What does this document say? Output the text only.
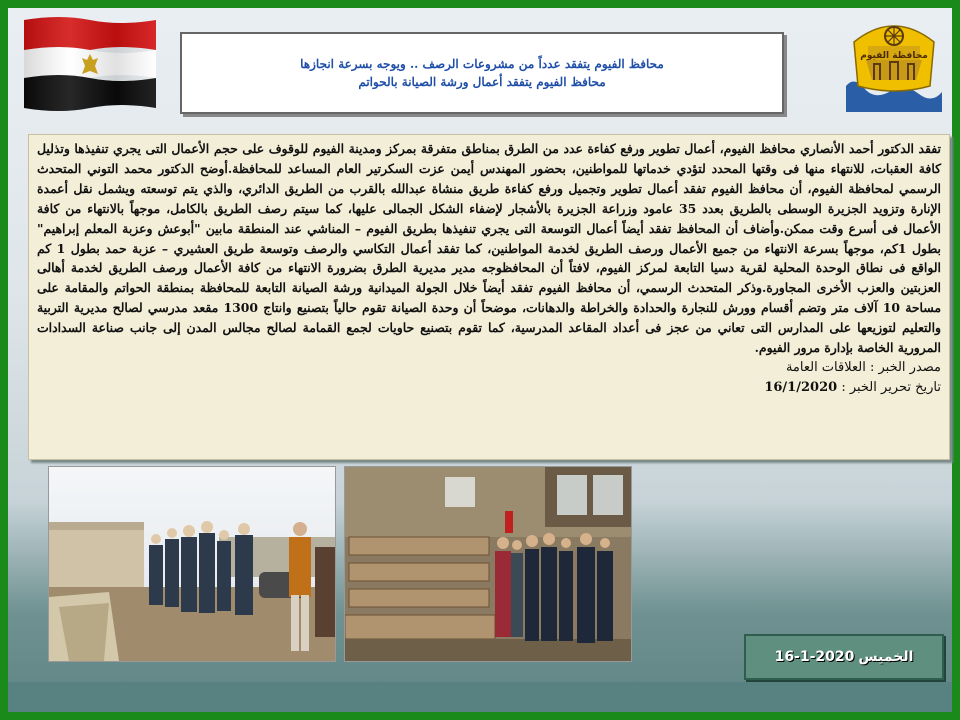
محافظ الفيوم يتفقد عدداً من مشروعات الرصف .. ويوجه بسرعة انجازها
محافظ الفيوم يتفقد أعمال ورشة الصيانة بالحواتم
محافظة الفيوم

تفقد الدكتور أحمد الأنصاري محافظ الفيوم، أعمال تطوير ورفع كفاءة عدد من الطرق بمناطق متفرقة بمركز ومدينة الفيوم للوقوف على حجم الأعمال التى يجري تنفيذها وتذليل كافة العقبات، للانتهاء منها فى وقتها المحدد لتؤدي خدماتها للمواطنين، بحضور المهندس أيمن عزت السكرتير العام المساعد للمحافظة.أوضح الدكتور محمد التوني المتحدث الرسمي لمحافظة الفيوم، أن محافظ الفيوم تفقد أعمال تطوير وتجميل ورفع كفاءة طريق منشاة عبدالله بالقرب من الطريق الدائري، والذي يتم توسعته ويشمل نقل أعمدة الإنارة وتزويد الجزيرة الوسطى بالطريق بعدد 35 عامود وزراعة الجزيرة بالأشجار لإضفاء الشكل الجمالى عليها، كما سيتم رصف الطريق بالكامل، موجهاً بالانتهاء من كافة الأعمال فى أسرع وقت ممكن.وأضاف أن المحافظ تفقد أيضاً أعمال التوسعة التى يجري تنفيذها بطريق الفيوم – المناشي عند المنطقة مابين "أبوعش وعزبة المعلم إبراهيم" بطول 1كم، موجهاً بسرعة الانتهاء من جميع الأعمال ورصف الطريق لخدمة المواطنين، كما تفقد أعمال التكاسي والرصف وتوسعة طريق العشيري – عزبة حمد بطول 1 كم الواقع فى نطاق الوحدة المحلية لقرية دسيا التابعة لمركز الفيوم، لافتاً أن المحافظوجه مدير مديرية الطرق بضرورة الانتهاء من كافة الأعمال ورصف الطريق لخدمة أهالى العزبتين والعزب الأخرى المجاورة.وذكر المتحدث الرسمي، أن محافظ الفيوم تفقد أيضاً خلال الجولة الميدانية ورشة الصيانة التابعة للمحافظة بمنطقة الحواتم والمقامة على مساحة 10 آلاف متر وتضم أقسام وورش للنجارة والحدادة والخراطة والدهانات، موضحاً أن وحدة الصيانة تقوم حالياً بتصنيع وانتاج 1300 مقعد مدرسي لصالح مديرية التربية والتعليم لتوزيعها على المدارس التى تعاني من عجز فى أعداد المقاعد المدرسية، كما تقوم بتصنيع حاويات لجمع القمامة لصالح مجالس المدن إلى جانب صناعة السدادات المرورية الخاصة بإدارة مرور الفيوم.

مصدر الخبر : العلاقات العامة

تاريخ تحرير الخبر : 16/1/2020

الخميس
16-1-2020
